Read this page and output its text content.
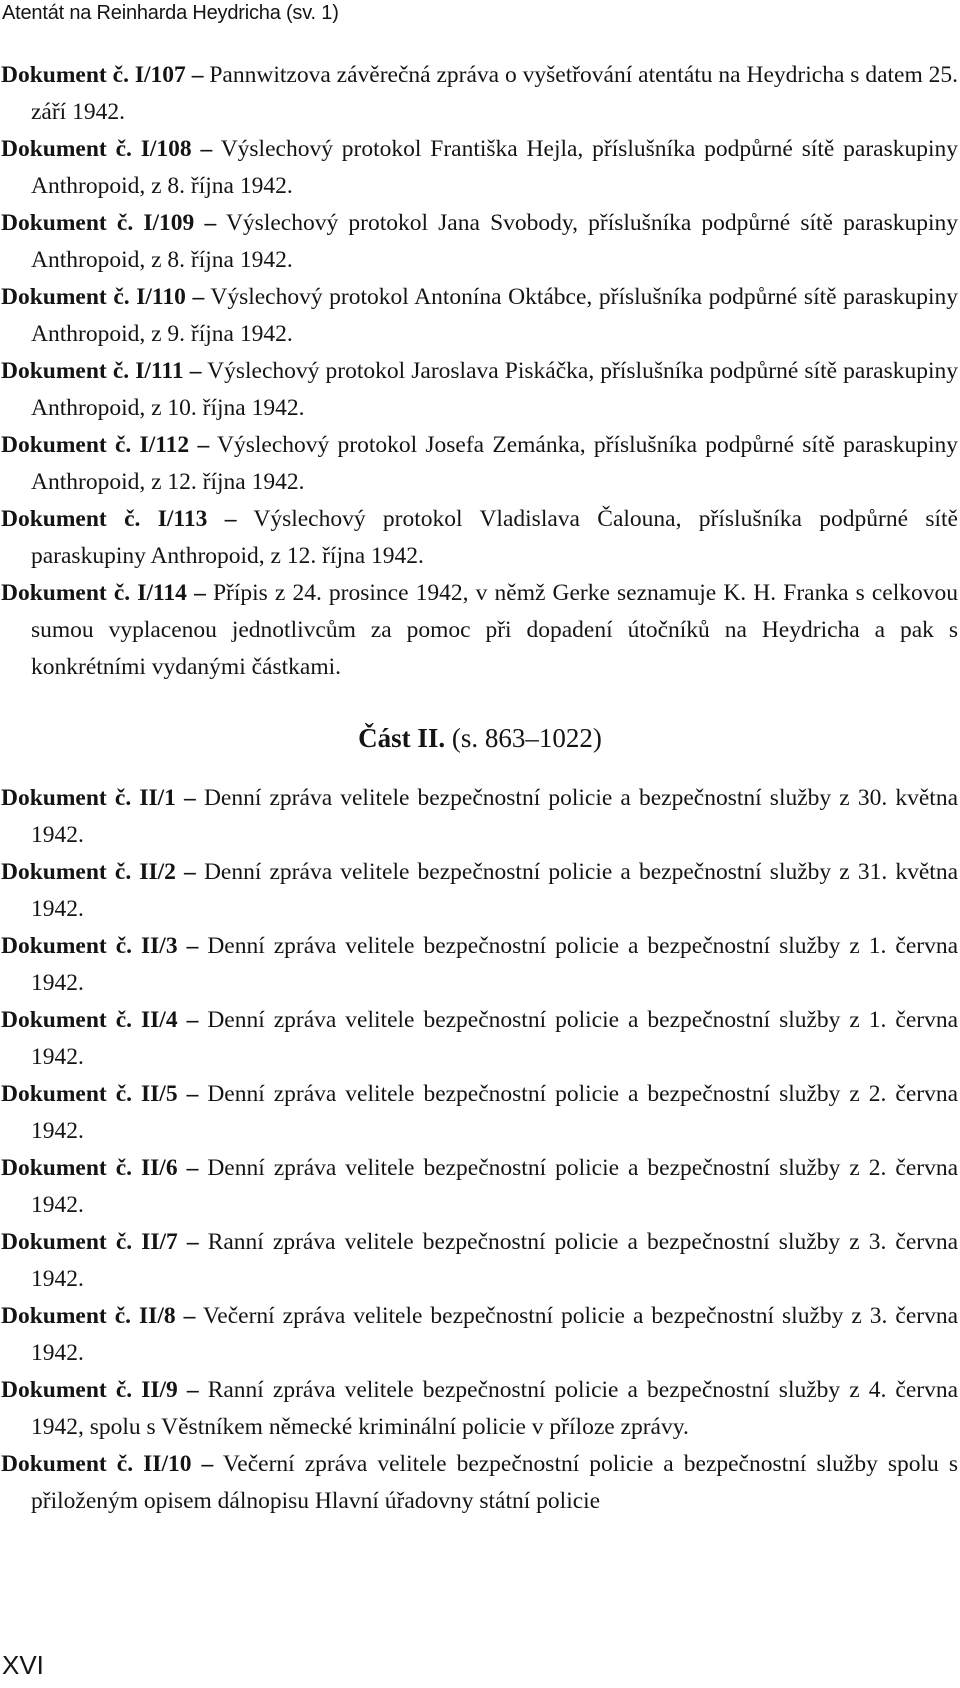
Atentát na Reinharda Heydricha (sv. 1)

Dokument č. I/107 – Pannwitzova závěrečná zpráva o vyšetřování atentátu na Heydricha s datem 25. září 1942.

Dokument č. I/108 – Výslechový protokol Františka Hejla, příslušníka podpůrné sítě paraskupiny Anthropoid, z 8. října 1942.

Dokument č. I/109 – Výslechový protokol Jana Svobody, příslušníka podpůrné sítě paraskupiny Anthropoid, z 8. října 1942.

Dokument č. I/110 – Výslechový protokol Antonína Oktábce, příslušníka podpůrné sítě paraskupiny Anthropoid, z 9. října 1942.

Dokument č. I/111 – Výslechový protokol Jaroslava Piskáčka, příslušníka podpůrné sítě paraskupiny Anthropoid, z 10. října 1942.

Dokument č. I/112 – Výslechový protokol Josefa Zemánka, příslušníka podpůrné sítě paraskupiny Anthropoid, z 12. října 1942.

Dokument č. I/113 – Výslechový protokol Vladislava Čalouna, příslušníka podpůrné sítě paraskupiny Anthropoid, z 12. října 1942.

Dokument č. I/114 – Přípis z 24. prosince 1942, v němž Gerke seznamuje K. H. Franka s celkovou sumou vyplacenou jednotlivcům za pomoc při dopadení útočníků na Heydricha a pak s konkrétními vydanými částkami.

Část II. (s. 863–1022)

Dokument č. II/1 – Denní zpráva velitele bezpečnostní policie a bezpečnostní služby z 30. května 1942.

Dokument č. II/2 – Denní zpráva velitele bezpečnostní policie a bezpečnostní služby z 31. května 1942.

Dokument č. II/3 – Denní zpráva velitele bezpečnostní policie a bezpečnostní služby z 1. června 1942.

Dokument č. II/4 – Denní zpráva velitele bezpečnostní policie a bezpečnostní služby z 1. června 1942.

Dokument č. II/5 – Denní zpráva velitele bezpečnostní policie a bezpečnostní služby z 2. června 1942.

Dokument č. II/6 – Denní zpráva velitele bezpečnostní policie a bezpečnostní služby z 2. června 1942.

Dokument č. II/7 – Ranní zpráva velitele bezpečnostní policie a bezpečnostní služby z 3. června 1942.

Dokument č. II/8 – Večerní zpráva velitele bezpečnostní policie a bezpečnostní služby z 3. června 1942.

Dokument č. II/9 – Ranní zpráva velitele bezpečnostní policie a bezpečnostní služby z 4. června 1942, spolu s Věstníkem německé kriminální policie v příloze zprávy.

Dokument č. II/10 – Večerní zpráva velitele bezpečnostní policie a bezpečnostní služby spolu s přiloženým opisem dálnopisu Hlavní úřadovny státní policie

XVI
